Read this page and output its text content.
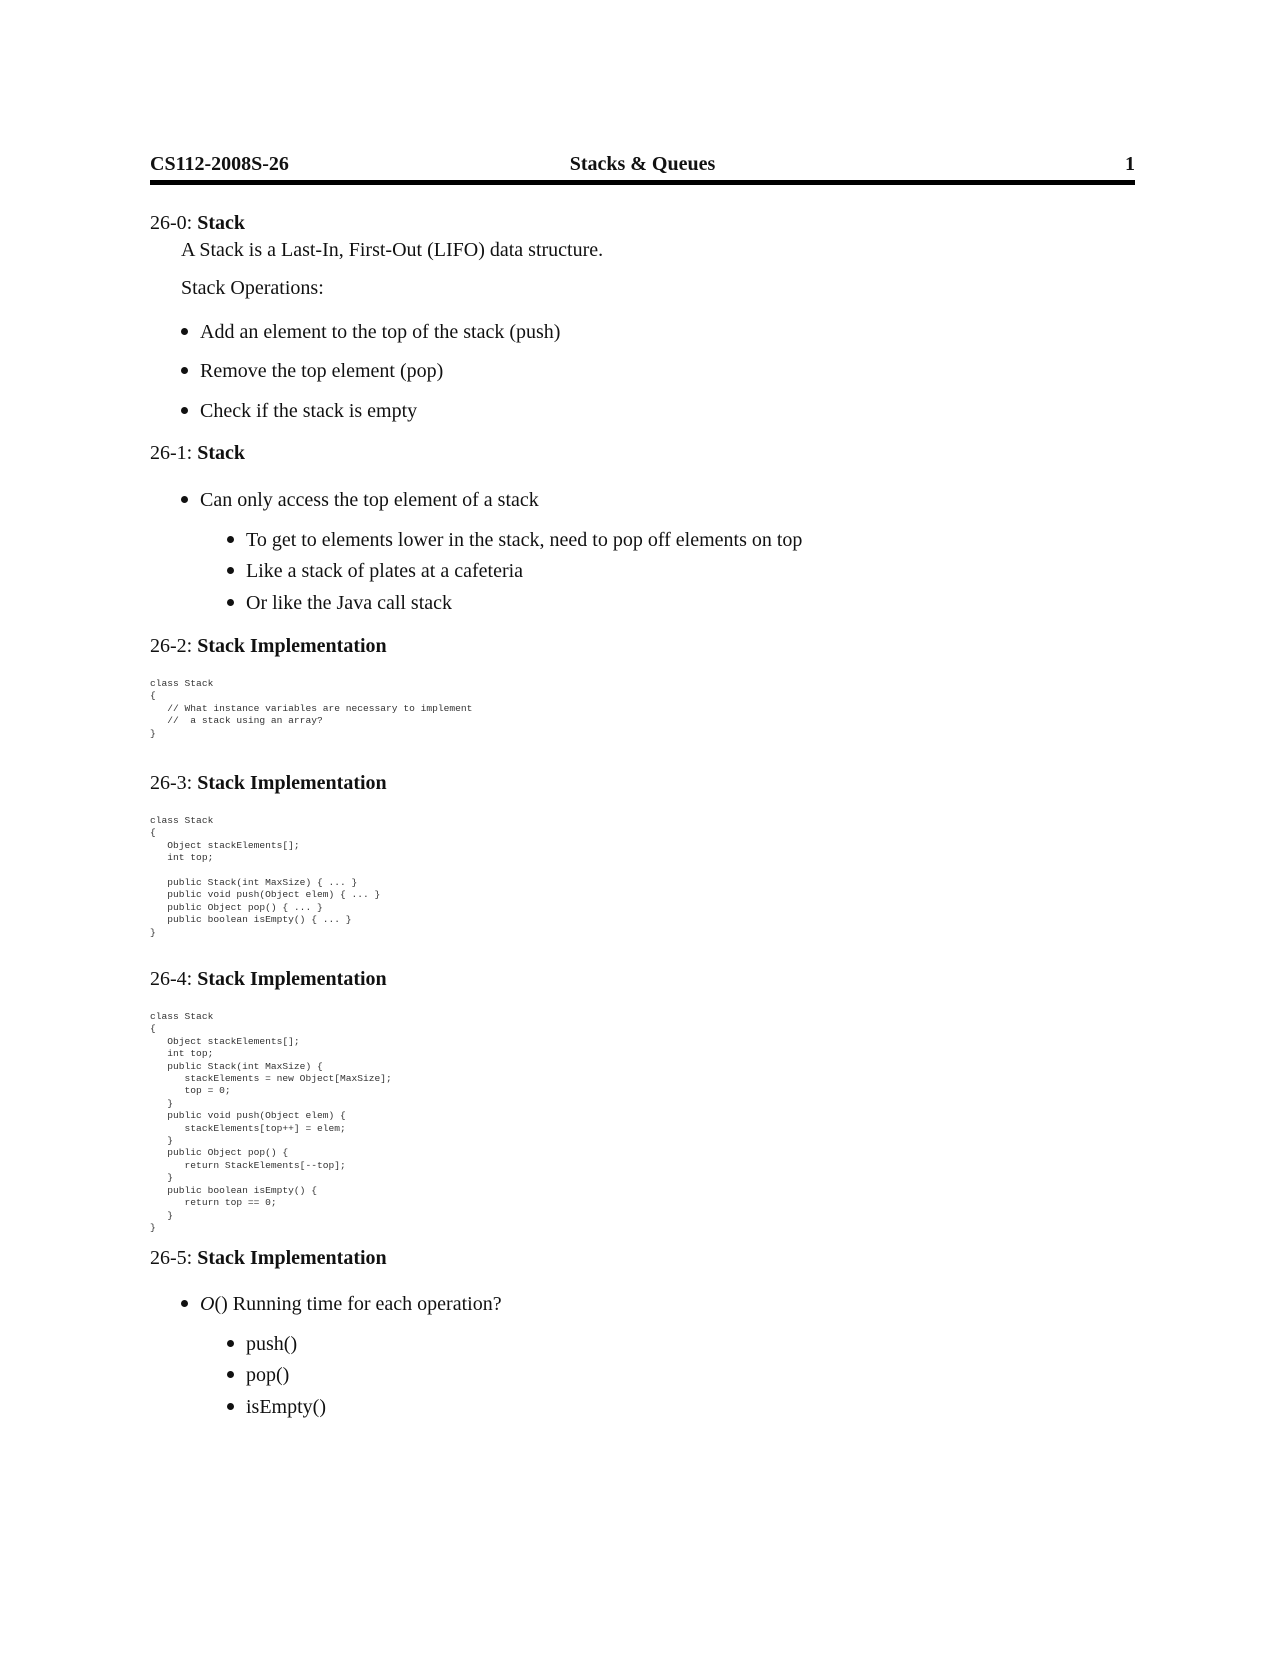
CS112-2008S-26	Stacks & Queues	1
26-0: Stack
A Stack is a Last-In, First-Out (LIFO) data structure.
Stack Operations:
Add an element to the top of the stack (push)
Remove the top element (pop)
Check if the stack is empty
26-1: Stack
Can only access the top element of a stack
To get to elements lower in the stack, need to pop off elements on top
Like a stack of plates at a cafeteria
Or like the Java call stack
26-2: Stack Implementation
class Stack
{
// What instance variables are necessary to implement
//  a stack using an array?
}
26-3: Stack Implementation
class Stack
{
Object stackElements[];
int top;

public Stack(int MaxSize) { ... }
public void push(Object elem) { ... }
public Object pop() { ... }
public boolean isEmpty() { ... }
}
26-4: Stack Implementation
class Stack
{
Object stackElements[];
int top;
public Stack(int MaxSize) {
stackElements = new Object[MaxSize];
top = 0;
}
public void push(Object elem) {
stackElements[top++] = elem;
}
public Object pop() {
return StackElements[--top];
}
public boolean isEmpty() {
return top == 0;
}
}
26-5: Stack Implementation
O() Running time for each operation?
push()
pop()
isEmpty()
